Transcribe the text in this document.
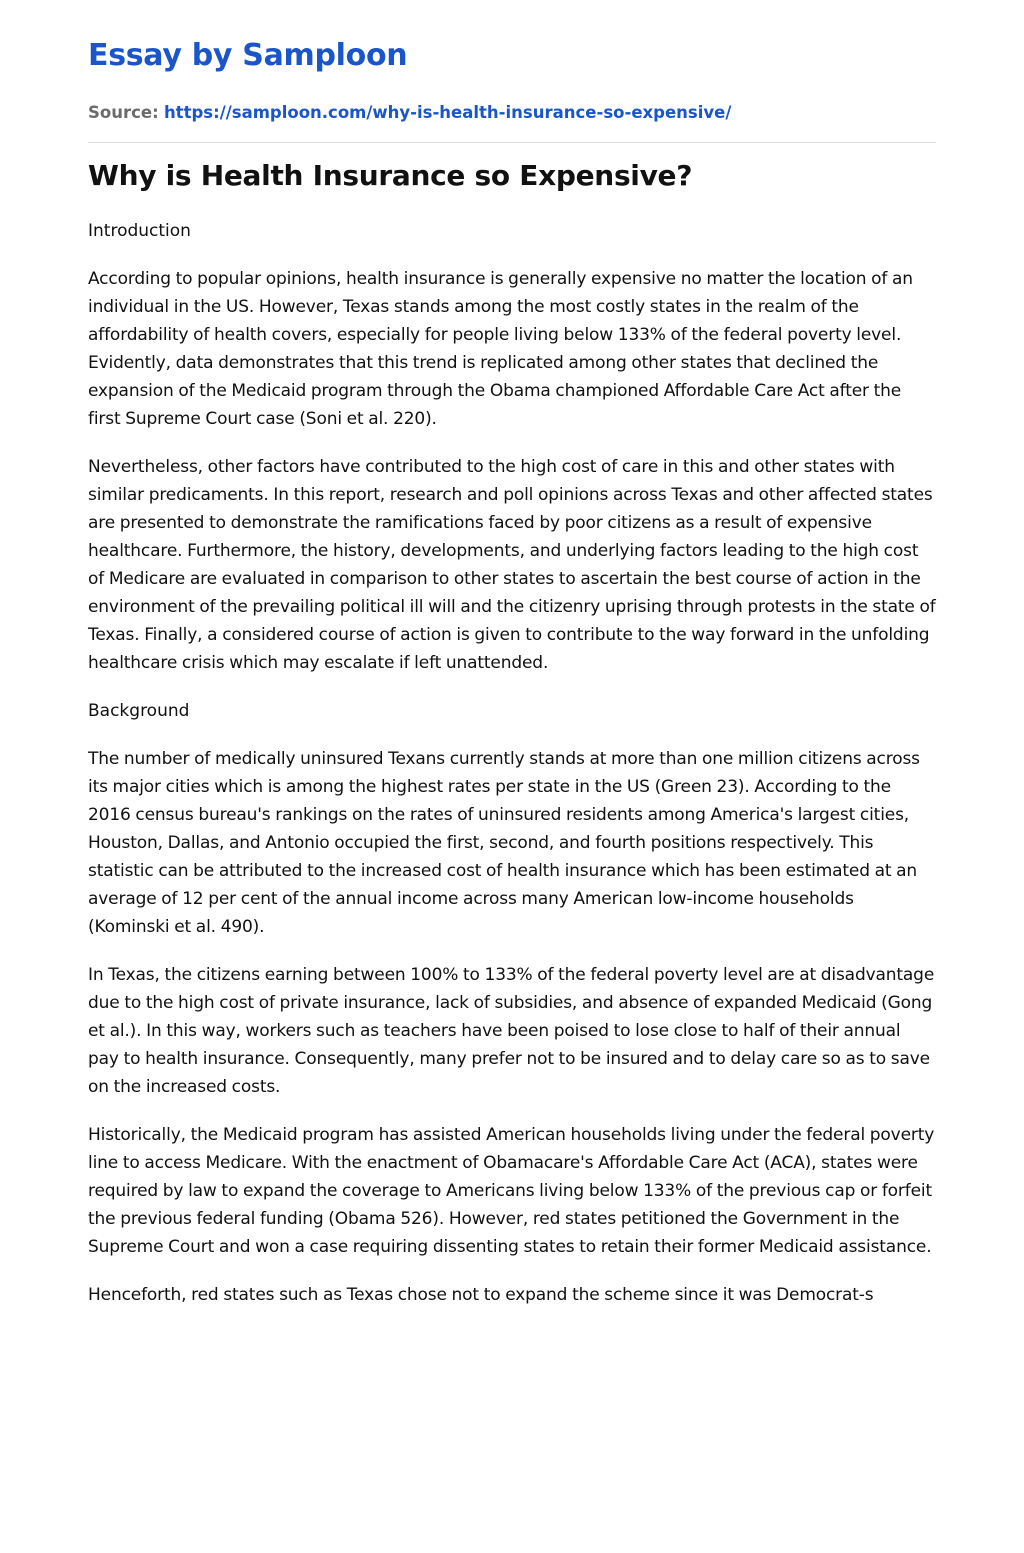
Essay by Samploon
Source: https://samploon.com/why-is-health-insurance-so-expensive/
Why is Health Insurance so Expensive?

Introduction

According to popular opinions, health insurance is generally expensive no matter the location of an individual in the US. However, Texas stands among the most costly states in the realm of the affordability of health covers, especially for people living below 133% of the federal poverty level. Evidently, data demonstrates that this trend is replicated among other states that declined the expansion of the Medicaid program through the Obama championed Affordable Care Act after the first Supreme Court case (Soni et al. 220).

Nevertheless, other factors have contributed to the high cost of care in this and other states with similar predicaments. In this report, research and poll opinions across Texas and other affected states are presented to demonstrate the ramifications faced by poor citizens as a result of expensive healthcare. Furthermore, the history, developments, and underlying factors leading to the high cost of Medicare are evaluated in comparison to other states to ascertain the best course of action in the environment of the prevailing political ill will and the citizenry uprising through protests in the state of Texas. Finally, a considered course of action is given to contribute to the way forward in the unfolding healthcare crisis which may escalate if left unattended.

Background

The number of medically uninsured Texans currently stands at more than one million citizens across its major cities which is among the highest rates per state in the US (Green 23). According to the 2016 census bureau's rankings on the rates of uninsured residents among America's largest cities, Houston, Dallas, and Antonio occupied the first, second, and fourth positions respectively. This statistic can be attributed to the increased cost of health insurance which has been estimated at an average of 12 per cent of the annual income across many American low-income households (Kominski et al. 490).

In Texas, the citizens earning between 100% to 133% of the federal poverty level are at disadvantage due to the high cost of private insurance, lack of subsidies, and absence of expanded Medicaid (Gong et al.). In this way, workers such as teachers have been poised to lose close to half of their annual pay to health insurance. Consequently, many prefer not to be insured and to delay care so as to save on the increased costs.

Historically, the Medicaid program has assisted American households living under the federal poverty line to access Medicare. With the enactment of Obamacare's Affordable Care Act (ACA), states were required by law to expand the coverage to Americans living below 133% of the previous cap or forfeit the previous federal funding (Obama 526). However, red states petitioned the Government in the Supreme Court and won a case requiring dissenting states to retain their former Medicaid assistance.

Henceforth, red states such as Texas chose not to expand the scheme since it was Democrat-s
